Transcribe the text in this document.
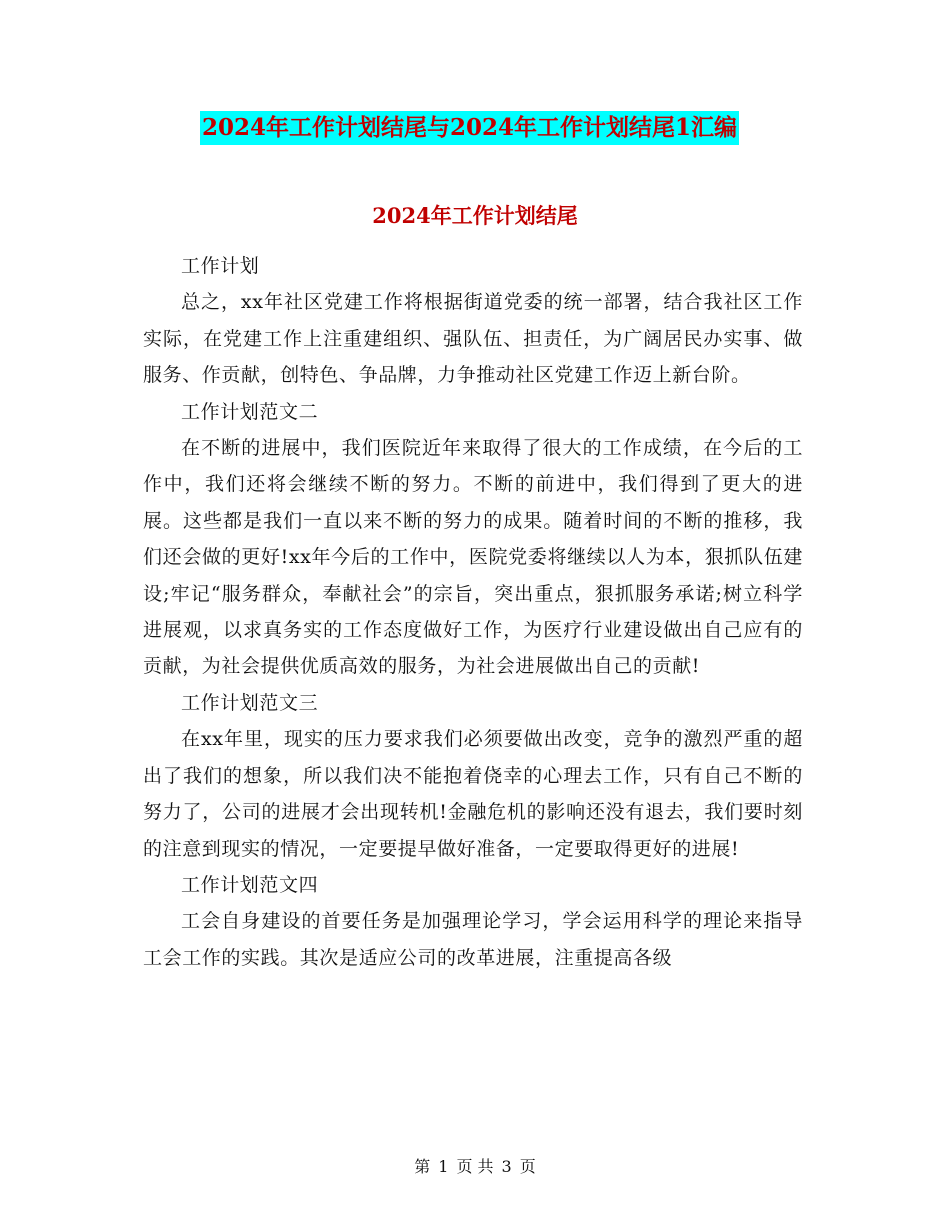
2024年工作计划结尾与2024年工作计划结尾1汇编
2024年工作计划结尾

工作计划

总之，xx年社区党建工作将根据街道党委的统一部署，结合我社区工作实际，在党建工作上注重建组织、强队伍、担责任，为广阔居民办实事、做服务、作贡献，创特色、争品牌，力争推动社区党建工作迈上新台阶。

工作计划范文二

在不断的进展中，我们医院近年来取得了很大的工作成绩，在今后的工作中，我们还将会继续不断的努力。不断的前进中，我们得到了更大的进展。这些都是我们一直以来不断的努力的成果。随着时间的不断的推移，我们还会做的更好!xx年今后的工作中，医院党委将继续以人为本，狠抓队伍建设;牢记“服务群众，奉献社会”的宗旨，突出重点，狠抓服务承诺;树立科学进展观，以求真务实的工作态度做好工作，为医疗行业建设做出自己应有的贡献，为社会提供优质高效的服务，为社会进展做出自己的贡献!

工作计划范文三

在xx年里，现实的压力要求我们必须要做出改变，竞争的激烈严重的超出了我们的想象，所以我们决不能抱着侥幸的心理去工作，只有自己不断的努力了，公司的进展才会出现转机!金融危机的影响还没有退去，我们要时刻的注意到现实的情况，一定要提早做好准备，一定要取得更好的进展!

工作计划范文四

工会自身建设的首要任务是加强理论学习，学会运用科学的理论来指导工会工作的实践。其次是适应公司的改革进展，注重提高各级

第 1 页 共 3 页
